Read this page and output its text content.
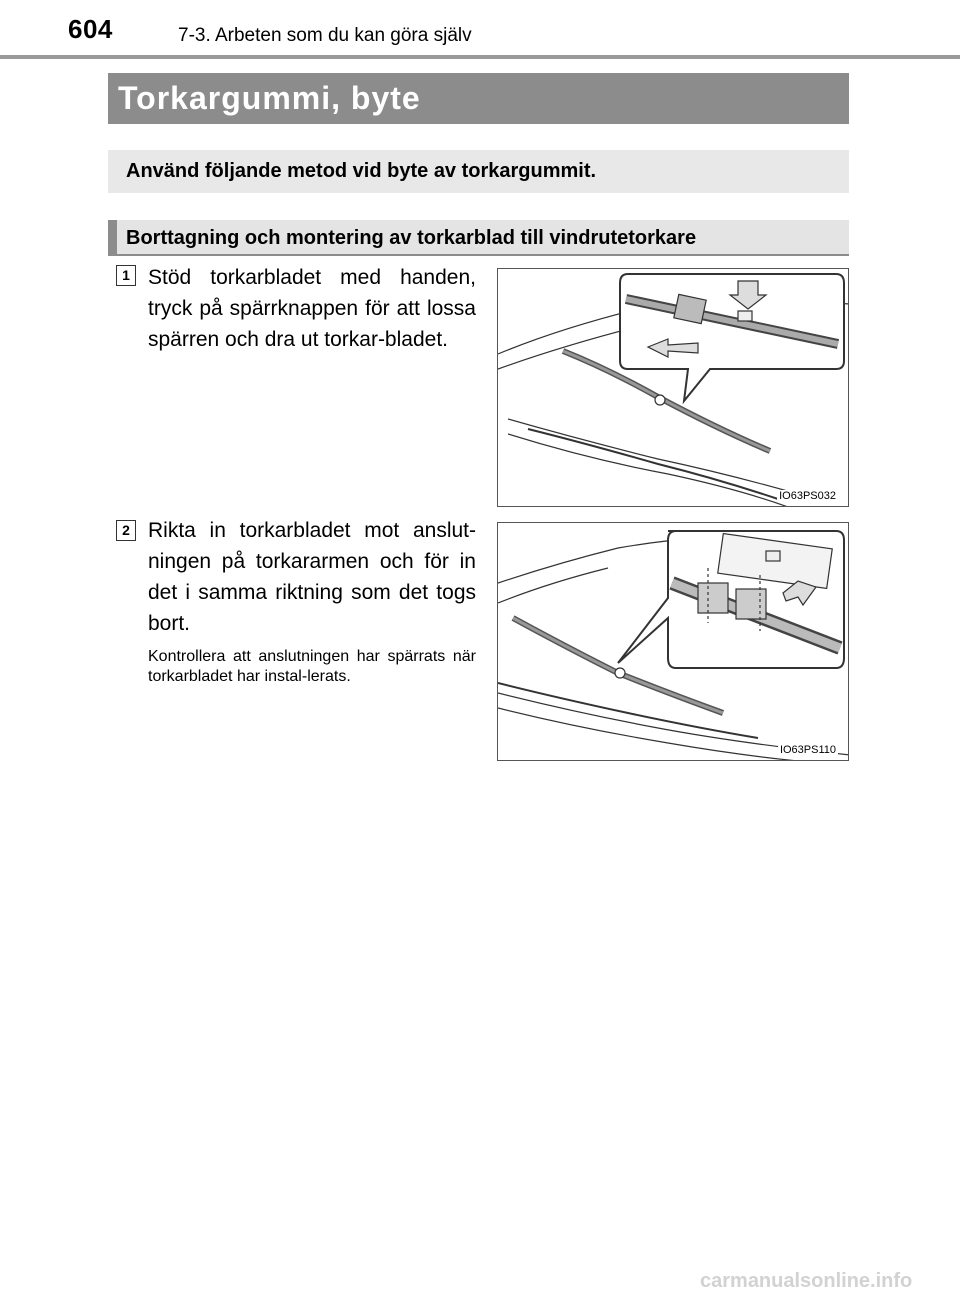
604	7-3. Arbeten som du kan göra själv
Torkargummi, byte
Använd följande metod vid byte av torkargummit.
Borttagning och montering av torkarblad till vindrutetorkare
1 Stöd torkarbladet med handen, tryck på spärrknappen för att lossa spärren och dra ut torkar-bladet.
IO63PS032
2 Rikta in torkarbladet mot anslut-ningen på torkararmen och för in det i samma riktning som det togs bort.
Kontrollera att anslutningen har spärrats när torkarbladet har instal-lerats.
IO63PS110
carmanualsonline.info
